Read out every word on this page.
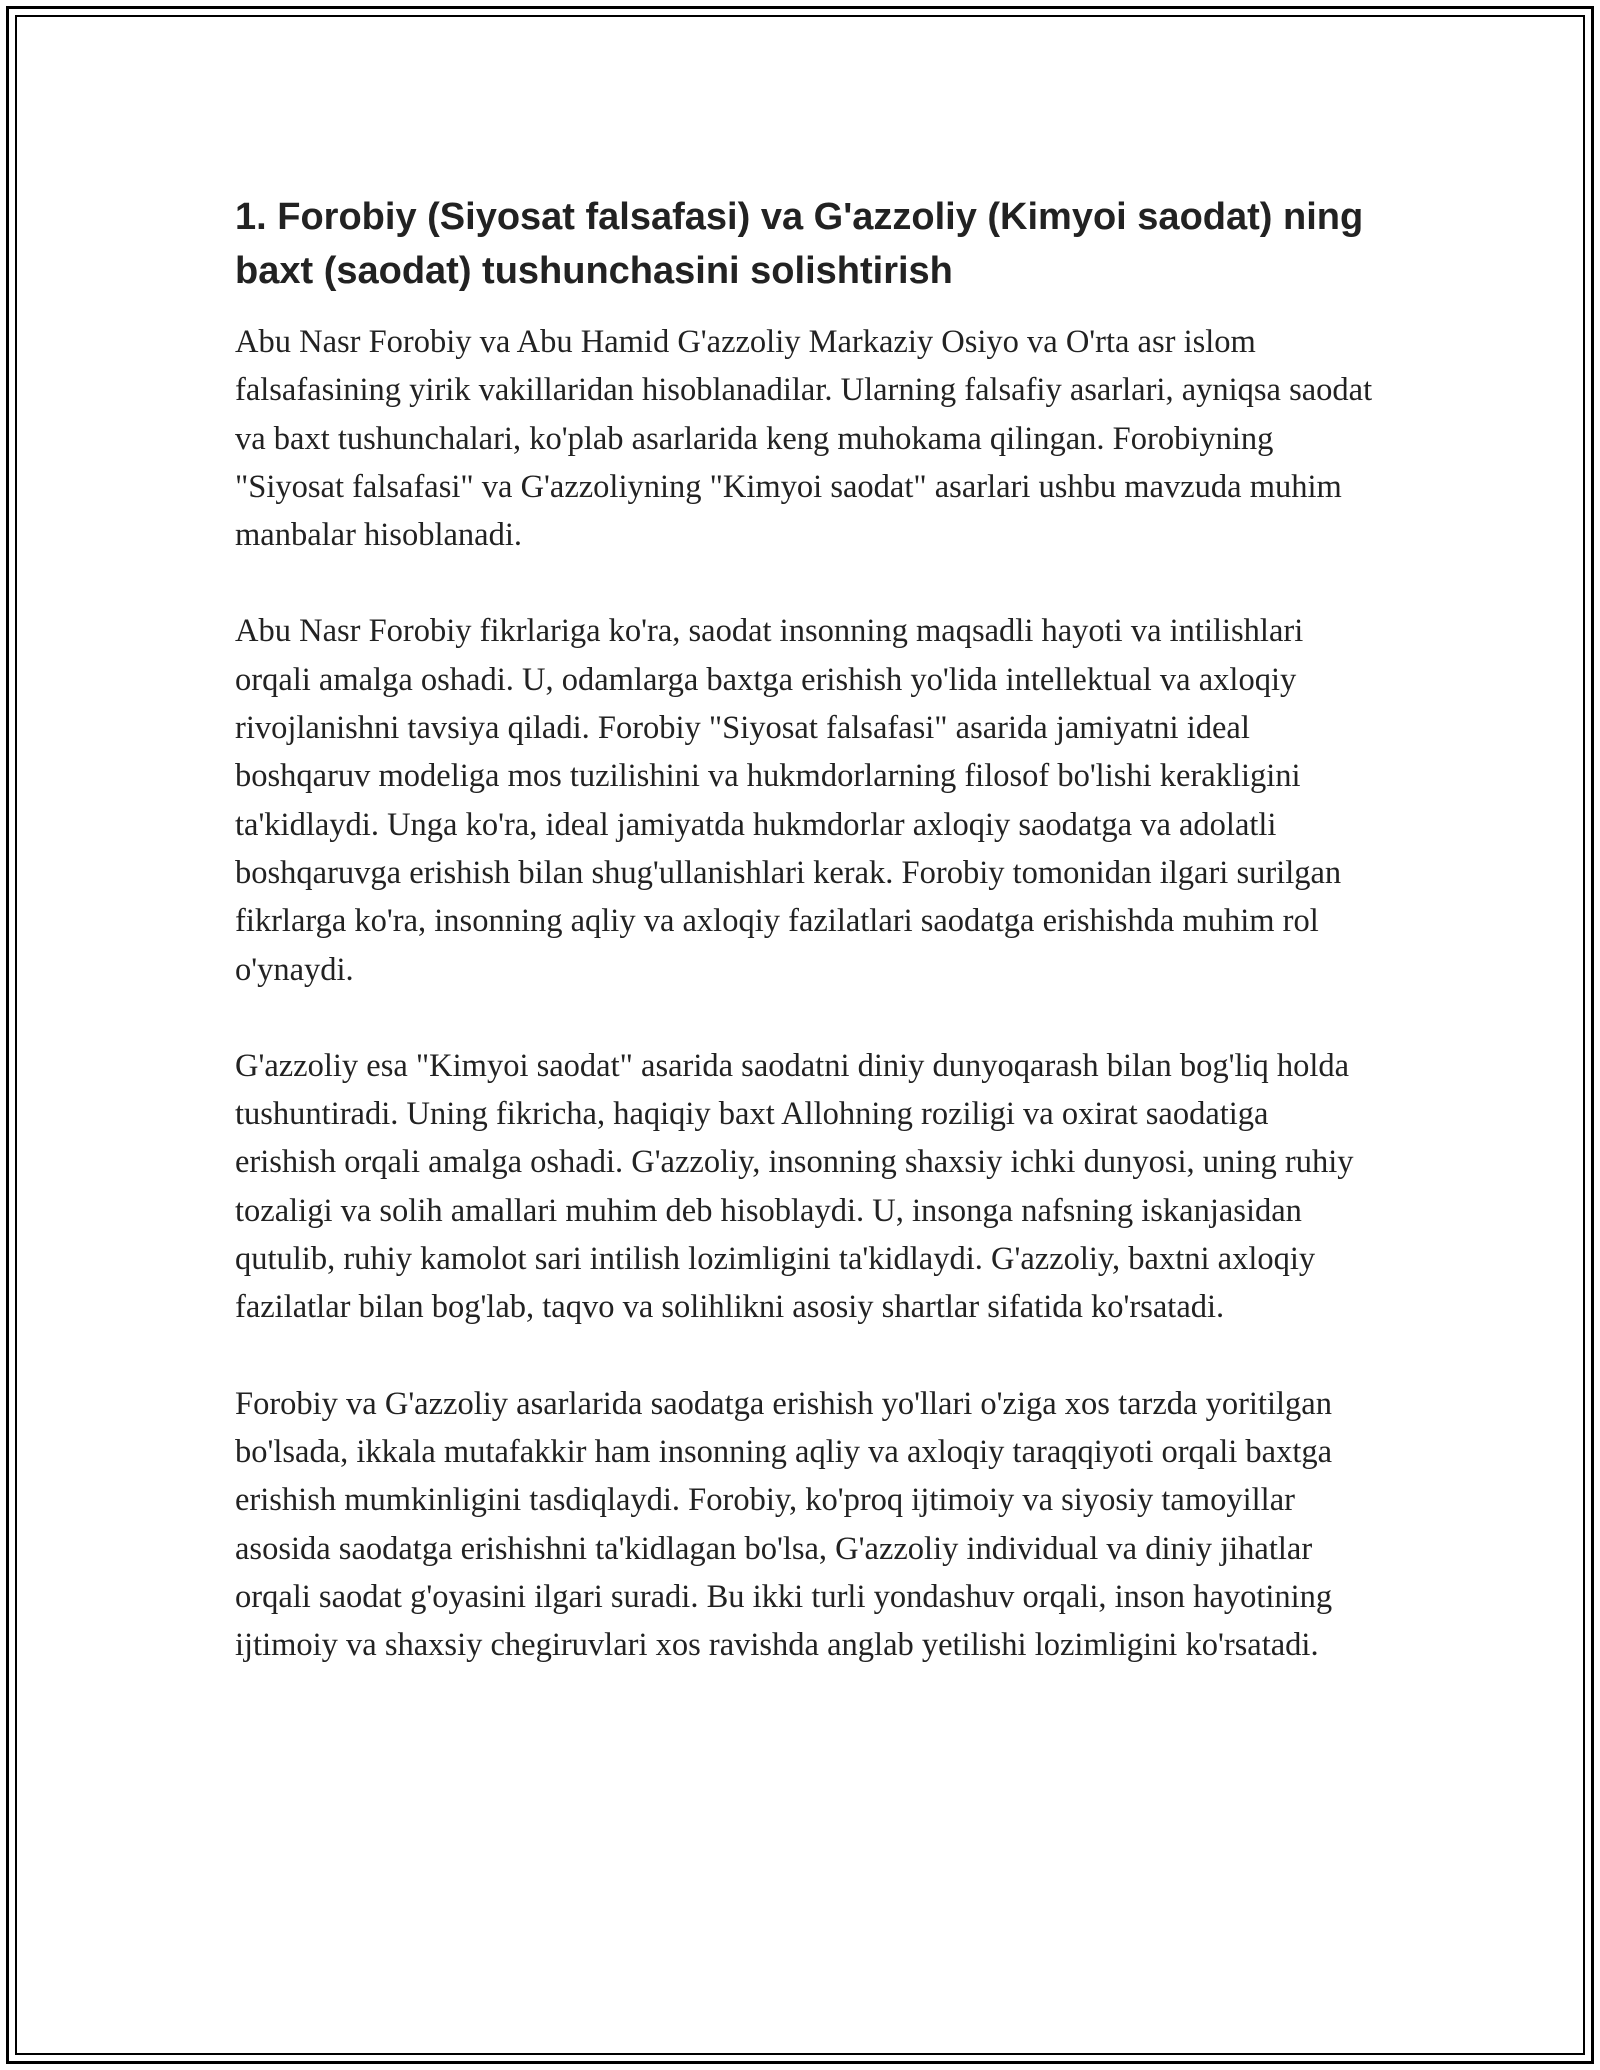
1. Forobiy (Siyosat falsafasi) va G'azzoliy (Kimyoi saodat) ning baxt (saodat) tushunchasini solishtirish

Abu Nasr Forobiy va Abu Hamid G'azzoliy Markaziy Osiyo va O'rta asr islom falsafasining yirik vakillaridan hisoblanadilar. Ularning falsafiy asarlari, ayniqsa saodat va baxt tushunchalari, ko'plab asarlarida keng muhokama qilingan. Forobiyning "Siyosat falsafasi" va G'azzoliyning "Kimyoi saodat" asarlari ushbu mavzuda muhim manbalar hisoblanadi.

Abu Nasr Forobiy fikrlariga ko'ra, saodat insonning maqsadli hayoti va intilishlari orqali amalga oshadi. U, odamlarga baxtga erishish yo'lida intellektual va axloqiy rivojlanishni tavsiya qiladi. Forobiy "Siyosat falsafasi" asarida jamiyatni ideal boshqaruv modeliga mos tuzilishini va hukmdorlarning filosof bo'lishi kerakligini ta'kidlaydi. Unga ko'ra, ideal jamiyatda hukmdorlar axloqiy saodatga va adolatli boshqaruvga erishish bilan shug'ullanishlari kerak. Forobiy tomonidan ilgari surilgan fikrlarga ko'ra, insonning aqliy va axloqiy fazilatlari saodatga erishishda muhim rol o'ynaydi.

G'azzoliy esa "Kimyoi saodat" asarida saodatni diniy dunyoqarash bilan bog'liq holda tushuntiradi. Uning fikricha, haqiqiy baxt Allohning roziligi va oxirat saodatiga erishish orqali amalga oshadi. G'azzoliy, insonning shaxsiy ichki dunyosi, uning ruhiy tozaligi va solih amallari muhim deb hisoblaydi. U, insonga nafsning iskanjasidan qutulib, ruhiy kamolot sari intilish lozimligini ta'kidlaydi. G'azzoliy, baxtni axloqiy fazilatlar bilan bog'lab, taqvo va solihlikni asosiy shartlar sifatida ko'rsatadi.

Forobiy va G'azzoliy asarlarida saodatga erishish yo'llari o'ziga xos tarzda yoritilgan bo'lsada, ikkala mutafakkir ham insonning aqliy va axloqiy taraqqiyoti orqali baxtga erishish mumkinligini tasdiqlaydi. Forobiy, ko'proq ijtimoiy va siyosiy tamoyillar asosida saodatga erishishni ta'kidlagan bo'lsa, G'azzoliy individual va diniy jihatlar orqali saodat g'oyasini ilgari suradi. Bu ikki turli yondashuv orqali, inson hayotining ijtimoiy va shaxsiy chegiruvlari xos ravishda anglab yetilishi lozimligini ko'rsatadi.
